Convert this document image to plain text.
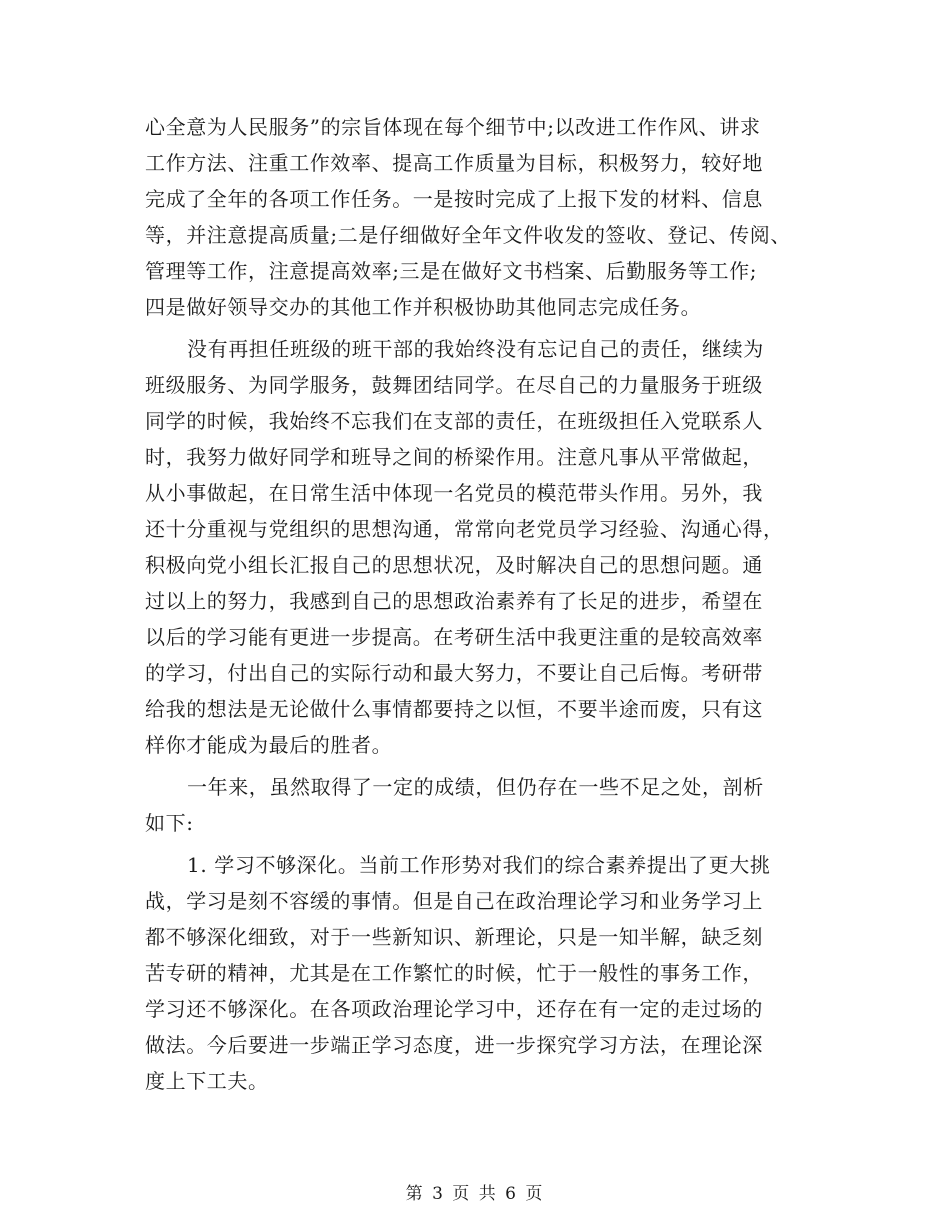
心全意为人民服务”的宗旨体现在每个细节中;以改进工作作风、讲求
工作方法、注重工作效率、提高工作质量为目标，积极努力，较好地
完成了全年的各项工作任务。一是按时完成了上报下发的材料、信息
等，并注意提高质量;二是仔细做好全年文件收发的签收、登记、传阅、
管理等工作，注意提高效率;三是在做好文书档案、后勤服务等工作;
四是做好领导交办的其他工作并积极协助其他同志完成任务。
没有再担任班级的班干部的我始终没有忘记自己的责任，继续为
班级服务、为同学服务，鼓舞团结同学。在尽自己的力量服务于班级
同学的时候，我始终不忘我们在支部的责任，在班级担任入党联系人
时，我努力做好同学和班导之间的桥梁作用。注意凡事从平常做起，
从小事做起，在日常生活中体现一名党员的模范带头作用。另外，我
还十分重视与党组织的思想沟通，常常向老党员学习经验、沟通心得，
积极向党小组长汇报自己的思想状况，及时解决自己的思想问题。通
过以上的努力，我感到自己的思想政治素养有了长足的进步，希望在
以后的学习能有更进一步提高。在考研生活中我更注重的是较高效率
的学习，付出自己的实际行动和最大努力，不要让自己后悔。考研带
给我的想法是无论做什么事情都要持之以恒，不要半途而废，只有这
样你才能成为最后的胜者。
一年来，虽然取得了一定的成绩，但仍存在一些不足之处，剖析
如下:
1. 学习不够深化。当前工作形势对我们的综合素养提出了更大挑
战，学习是刻不容缓的事情。但是自己在政治理论学习和业务学习上
都不够深化细致，对于一些新知识、新理论，只是一知半解，缺乏刻
苦专研的精神，尤其是在工作繁忙的时候，忙于一般性的事务工作，
学习还不够深化。在各项政治理论学习中，还存在有一定的走过场的
做法。今后要进一步端正学习态度，进一步探究学习方法，在理论深
度上下工夫。
第 3 页 共 6 页
